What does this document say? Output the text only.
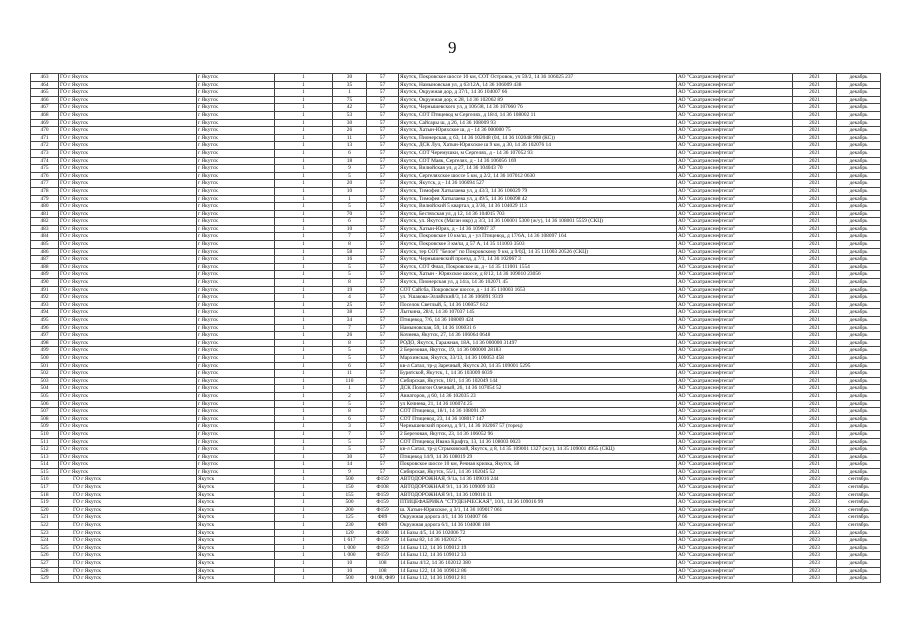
9
463	ГО г Якутск	г Якутск	1	30	57	Якутск, Покровское шоссе 10 км, СОТ Островок, уч 59/2, 14 36 106025 237	АО "Сахатранснефтегаз"	2021	декабрь
464	ГО г Якутск	г Якутск	1	35	57	Якутск, Намыновская ул, д 63/12А, 14 36 106009 438	АО "Сахатранснефтегаз"	2021	декабрь
465	ГО г Якутск	г Якутск	1	1	57	Якутск, Окружная дор, д 37/1, 14 36 104007 66	АО "Сахатранснефтегаз"	2021	декабрь
466	ГО г Якутск	г Якутск	1	75	57	Якутск, Окружная дор, к 28, 14 36 102062 89	АО "Сахатранснефтегаз"	2021	декабрь
467	ГО г Якутск	г Якутск	1	42	57	Якутск, Чернышевского ул, д 106/38, 14 36 107060 76	АО "Сахатранснефтегаз"	2021	декабрь
468	ГО г Якутск	г Якутск	1	53	57	Якутск, СОТ Птицевод м Сергелях, д 18/4, 14 36 108002 11	АО "Сахатранснефтегаз"	2021	декабрь
469	ГО г Якутск	г Якутск	1	30	57	Якутск, Сайсары ш, д 26, 14 36 108009 93	АО "Сахатранснефтегаз"	2021	декабрь
470	ГО г Якутск	г Якутск	1	26	57	Якутск, Хатын-Юряхское ш, д - 14 36 000000 75	АО "Сахатранснефтегаз"	2021	декабрь
471	ГО г Якутск	г Якутск	1	11	57	Якутск, Пионерская, д 63, 14 36 102048 (04, 14 36 102048 998 (КС))	АО "Сахатранснефтегаз"	2021	декабрь
472	ГО г Якутск	г Якутск	1	13	57	Якутск, ДСК Луч, Хатын-Юряхское ш 9 км, д 30, 14 36 102076 14	АО "Сахатранснефтегаз"	2021	декабрь
473	ГО г Якутск	г Якутск	1	6	57	Якутск, СОТ Черемушки, м Сергелях, д - 14 36 107052 93	АО "Сахатранснефтегаз"	2021	декабрь
474	ГО г Якутск	г Якутск	1	18	57	Якутск, СОТ Маяк, Сергелях, д - 14 36 106056 169	АО "Сахатранснефтегаз"	2021	декабрь
475	ГО г Якутск	г Якутск	1	9	57	Якутск, Вилюйская ул, д 27, 14 36 104043 70	АО "Сахатранснефтегаз"	2021	декабрь
476	ГО г Якутск	г Якутск	1	5	57	Якутск, Сергеляхское шоссе 5 км, д 2/2, 14 36 107012 0630	АО "Сахатранснефтегаз"	2021	декабрь
477	ГО г Якутск	г Якутск	1	20	57	Якутск, Якутск, д - 14 36 106094 527	АО "Сахатранснефтегаз"	2021	декабрь
478	ГО г Якутск	г Якутск	1	10	57	Якутск, Тимофея Хатылаева ул, д 43/3, 14 36 106029 79	АО "Сахатранснефтегаз"	2021	декабрь
479	ГО г Якутск	г Якутск	1	1	57	Якутск, Тимофея Хатылаева ул, д 49/5, 14 36 106098 42	АО "Сахатранснефтегаз"	2021	декабрь
480	ГО г Якутск	г Якутск	1	5	57	Якутск, Вилюйский 5 квартал, д 3/36, 14 36 104029 113	АО "Сахатранснефтегаз"	2021	декабрь
481	ГО г Якутск	г Якутск	1	70	57	Якутск, Бестяхская ул, д 12, 14 36 104015 703	АО "Сахатранснефтегаз"	2021	декабрь
482	ГО г Якутск	г Якутск	1	6	57	Якутск, ул. Якутск (Маган мкр) д 3/3, 14 36 106001 5300 (ж/у), 14 36 108001 5559 (СКЦ)	АО "Сахатранснефтегаз"	2021	декабрь
483	ГО г Якутск	г Якутск	1	10	57	Якутск, Хатын-Юрях, д - 14 36 109007 37	АО "Сахатранснефтегаз"	2021	декабрь
484	ГО г Якутск	г Якутск	1	7	57	Якутск, Покровское 10 км/ш, д - ул Птицевод, д 17/6А, 14 36 108097 164	АО "Сахатранснефтегаз"	2021	декабрь
485	ГО г Якутск	г Якутск	1	8	57	Якутск, Покровское 3 км/ш, д 57 А, 14 35 111003 3503	АО "Сахатранснефтегаз"	2021	декабрь
486	ГО г Якутск	г Якутск	1	58	57	Якутск, тер СОТ "Белое" по Покровскому 9 км, д 9/0Д, 14 35 111003 20526 (СКЦ)	АО "Сахатранснефтегаз"	2021	декабрь
487	ГО г Якутск	г Якутск	1	16	57	Якутск, Чернышевский проезд, д 7/1, 14 36 102067 3	АО "Сахатранснефтегаз"	2021	декабрь
488	ГО г Якутск	г Якутск	1	5	57	Якутск, СОТ Фиал, Покровское ш, д - 14 35 111001 1554	АО "Сахатранснефтегаз"	2021	декабрь
489	ГО г Якутск	г Якутск	1	5	57	Якутск, Хатын - Юряхское шоссе, д 8/12, 14 36 109010 23056	АО "Сахатранснефтегаз"	2021	декабрь
490	ГО г Якутск	г Якутск	1	8	57	Якутск, Пионерская ул, д 14/а, 14 36 102071 45	АО "Сахатранснефтегаз"	2021	декабрь
491	ГО г Якутск	г Якутск	1	19	57	СОТ Сайсба, Покровское шоссе, д - 14 35 110003 1653	АО "Сахатранснефтегаз"	2021	декабрь
492	ГО г Якутск	г Якутск	1	4	57	ул. Ушакова-Элляйский/3, 14 36 106091 9319	АО "Сахатранснефтегаз"	2021	декабрь
493	ГО г Якутск	г Якутск	1	25	57	Поселок Светлый, 5, 14 36 106057 612	АО "Сахатранснефтегаз"	2021	декабрь
494	ГО г Якутск	г Якутск	1	38	57	Лыткина, 28/4, 14 36 107037 145	АО "Сахатранснефтегаз"	2021	декабрь
495	ГО г Якутск	г Якутск	1	34	57	Птицевод, 7/6, 14 36 108009 424	АО "Сахатранснефтегаз"	2021	декабрь
496	ГО г Якутск	г Якутск	1	7	57	Намыновская, 59, 14 36 106031 6	АО "Сахатранснефтегаз"	2021	декабрь
497	ГО г Якутск	г Якутск	1	26	57	Кочнева, Якутск, 27, 14 36 106064 0648	АО "Сахатранснефтегаз"	2021	декабрь
498	ГО г Якутск	г Якутск	1	8	57	РОДО, Якутск, Гаражная, 18А, 14 36 000000 31497	АО "Сахатранснефтегаз"	2021	декабрь
499	ГО г Якутск	г Якутск	1	5	57	2 Березовая, Якутск, 19, 14 36 000000 28183	АО "Сахатранснефтегаз"	2021	декабрь
500	ГО г Якутск	г Якутск	1	5	57	Мархинская, Якутск, 33/13, 14 36 106053 458	АО "Сахатранснефтегаз"	2021	декабрь
501	ГО г Якутск	г Якутск	1	6	57	кв-л Сатал, тр-д Заречный, Якутск 20, 14 35 109001 5295	АО "Сахатранснефтегаз"	2021	декабрь
502	ГО г Якутск	г Якутск	1	11	57	Бурятской, Якутск, 1, 14 36 103009 6039	АО "Сахатранснефтегаз"	2021	декабрь
503	ГО г Якутск	г Якутск	1	110	57	Сибирская, Якутск, 18/1, 14 36 102049 144	АО "Сахатранснефтегаз"	2021	декабрь
504	ГО г Якутск	г Якутск	1	1	57	ДСК Полигон Олечный, 26, 14 36 107054 52	АО "Сахатранснефтегаз"	2021	декабрь
505	ГО г Якутск	г Якутск	1	2	57	Авиаторов, д 60, 14 36 102035 23	АО "Сахатранснефтегаз"	2021	декабрь
506	ГО г Якутск	г Якутск	1	5	57	ул Кочнева, 21, 14 36 106074 25	АО "Сахатранснефтегаз"	2021	декабрь
507	ГО г Якутск	г Якутск	1	8	57	СОТ Птицевод, 18/1, 14 36 108091 20	АО "Сахатранснефтегаз"	2021	декабрь
508	ГО г Якутск	г Якутск	1	6	57	СОТ Птицевод, 23, 14 36 108017 147	АО "Сахатранснефтегаз"	2021	декабрь
509	ГО г Якутск	г Якутск	1	3	57	Чернышевский проезд, д 9/1, 14 36 102067 57 (торец)	АО "Сахатранснефтегаз"	2021	декабрь
510	ГО г Якутск	г Якутск	1	7	57	2 Березовая, Якутск, 23, 14 36 106052 96	АО "Сахатранснефтегаз"	2021	декабрь
511	ГО г Якутск	г Якутск	1	5	57	СОТ Птицевод Ивана Крафта, 13, 14 36 108003 0023	АО "Сахатранснефтегаз"	2021	декабрь
512	ГО г Якутск	г Якутск	1	5	57	кв-л Сатал, тр-д Стрыковской, Якутск, д 8, 14 35 109001 1327 (ж/у), 14 35 109001 4955 (СКЦ)	АО "Сахатранснефтегаз"	2021	декабрь
513	ГО г Якутск	г Якутск	1	30	57	Птицевод 14/9, 14 36 108019 29	АО "Сахатранснефтегаз"	2021	декабрь
514	ГО г Якутск	г Якутск	1	14	57	Покровское шоссе 10 км, Речная крилка, Якутск, 58	АО "Сахатранснефтегаз"	2021	декабрь
515	ГО г Якутск	г Якутск	1	9	57	Сибирская, Якутск, 55/1, 14 36 102045 52	АО "Сахатранснефтегаз"	2021	декабрь
516	ГО г Якутск	Якутск	1	500	Ф159	АВТОДОРОЖНАЯ, 9/1а, 14 36 109016 244	АО "Сахатранснефтегаз"	2023	сентябрь
517	ГО г Якутск	Якутск	1	150	Ф108	АВТОДОРОЖНАЯ 9/1, 14 36 109009 103	АО "Сахатранснефтегаз"	2023	сентябрь
518	ГО г Якутск	Якутск	1	155	Ф159	АВТОДОРОЖНАЯ 9/1, 14 36 109016 11	АО "Сахатранснефтегаз"	2023	сентябрь
519	ГО г Якутск	Якутск	1	500	Ф159	ПТИЦЕФАБРИКА "СТУДЕНЧЕСКАЯ", 10/1, 14 36 109016 99	АО "Сахатранснефтегаз"	2023	сентябрь
520	ГО г Якутск	Якутск	1	200	Ф159	ш. Хатын-Юряхское, д 3/1, 14 36 109017 061	АО "Сахатранснефтегаз"	2023	сентябрь
521	ГО г Якутск	Якутск	1	125	Ф89	Окружная дорога 4/1, 14 36 104007 66	АО "Сахатранснефтегаз"	2023	сентябрь
522	ГО г Якутск	Якутск	1	230	Ф89	Окружная дорога 6/1, 14 36 104008 168	АО "Сахатранснефтегаз"	2023	сентябрь
523	ГО г Якутск	Якутск	1	120	Ф108	14 Базы 4/5, 14 36 102006 72	АО "Сахатранснефтегаз"	2023	декабрь
524	ГО г Якутск	Якутск	1	1 617	Ф159	14 Базы 82, 14 36 102012 5	АО "Сахатранснефтегаз"	2023	декабрь
525	ГО г Якутск	Якутск	1	1 000	Ф159	14 Базы 112, 14 36 109012 19	АО "Сахатранснефтегаз"	2023	декабрь
526	ГО г Якутск	Якутск	1	1 000	Ф159	14 Базы 112, 14 36 109012 33	АО "Сахатранснефтегаз"	2023	декабрь
527	ГО г Якутск	Якутск	1	10	108	14 Базы 4/12, 14 36 102012 380	АО "Сахатранснефтегаз"	2023	декабрь
528	ГО г Якутск	Якутск	1	10	108	14 Базы 122, 14 36 109012 86	АО "Сахатранснефтегаз"	2023	декабрь
529	ГО г Якутск	Якутск	1	500	Ф108, Ф89	14 Базы 112, 14 36 109012 81	АО "Сахатранснефтегаз"	2023	декабрь
